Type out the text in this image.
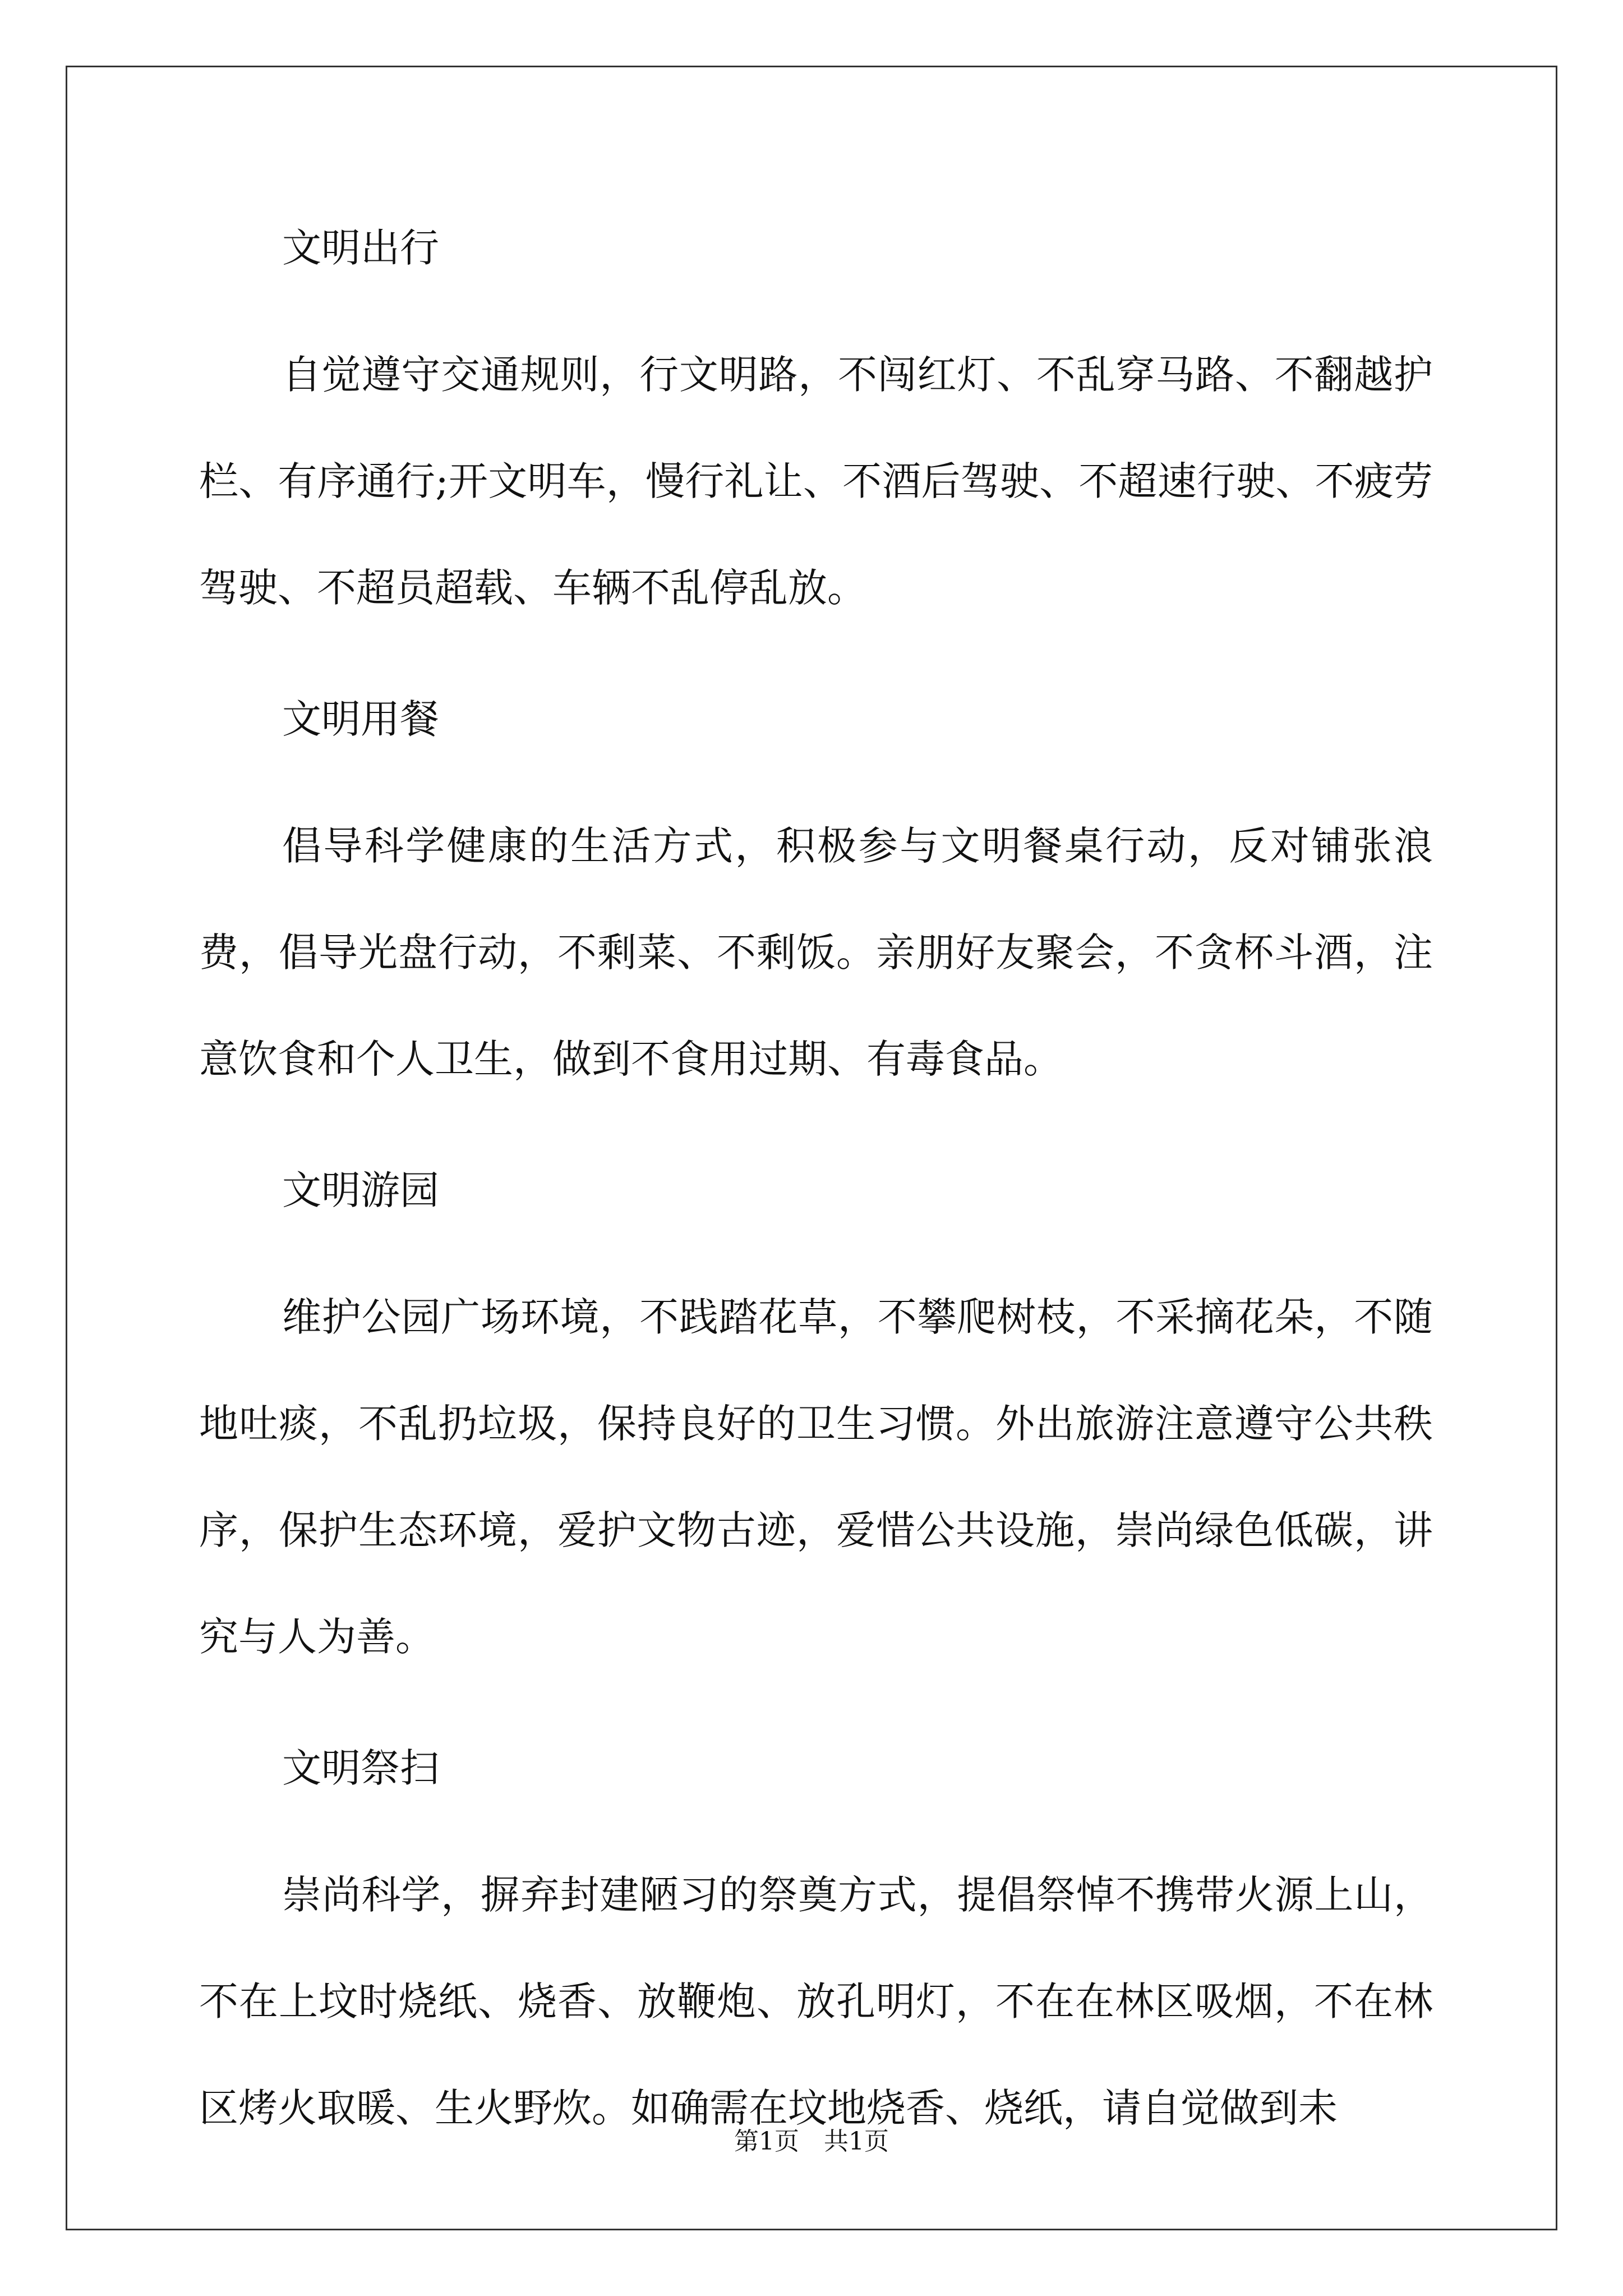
文明出行

自觉遵守交通规则，行文明路，不闯红灯、不乱穿马路、不翻越护栏、有序通行;开文明车，慢行礼让、不酒后驾驶、不超速行驶、不疲劳驾驶、不超员超载、车辆不乱停乱放。

文明用餐

倡导科学健康的生活方式，积极参与文明餐桌行动，反对铺张浪费，倡导光盘行动，不剩菜、不剩饭。亲朋好友聚会，不贪杯斗酒，注意饮食和个人卫生，做到不食用过期、有毒食品。

文明游园

维护公园广场环境，不践踏花草，不攀爬树枝，不采摘花朵，不随地吐痰，不乱扔垃圾，保持良好的卫生习惯。外出旅游注意遵守公共秩序，保护生态环境，爱护文物古迹，爱惜公共设施，崇尚绿色低碳，讲究与人为善。

文明祭扫

崇尚科学，摒弃封建陋习的祭奠方式，提倡祭悼不携带火源上山，不在上坟时烧纸、烧香、放鞭炮、放孔明灯，不在在林区吸烟，不在林区烤火取暖、生火野炊。如确需在坟地烧香、烧纸，请自觉做到未

第1页 共1页
